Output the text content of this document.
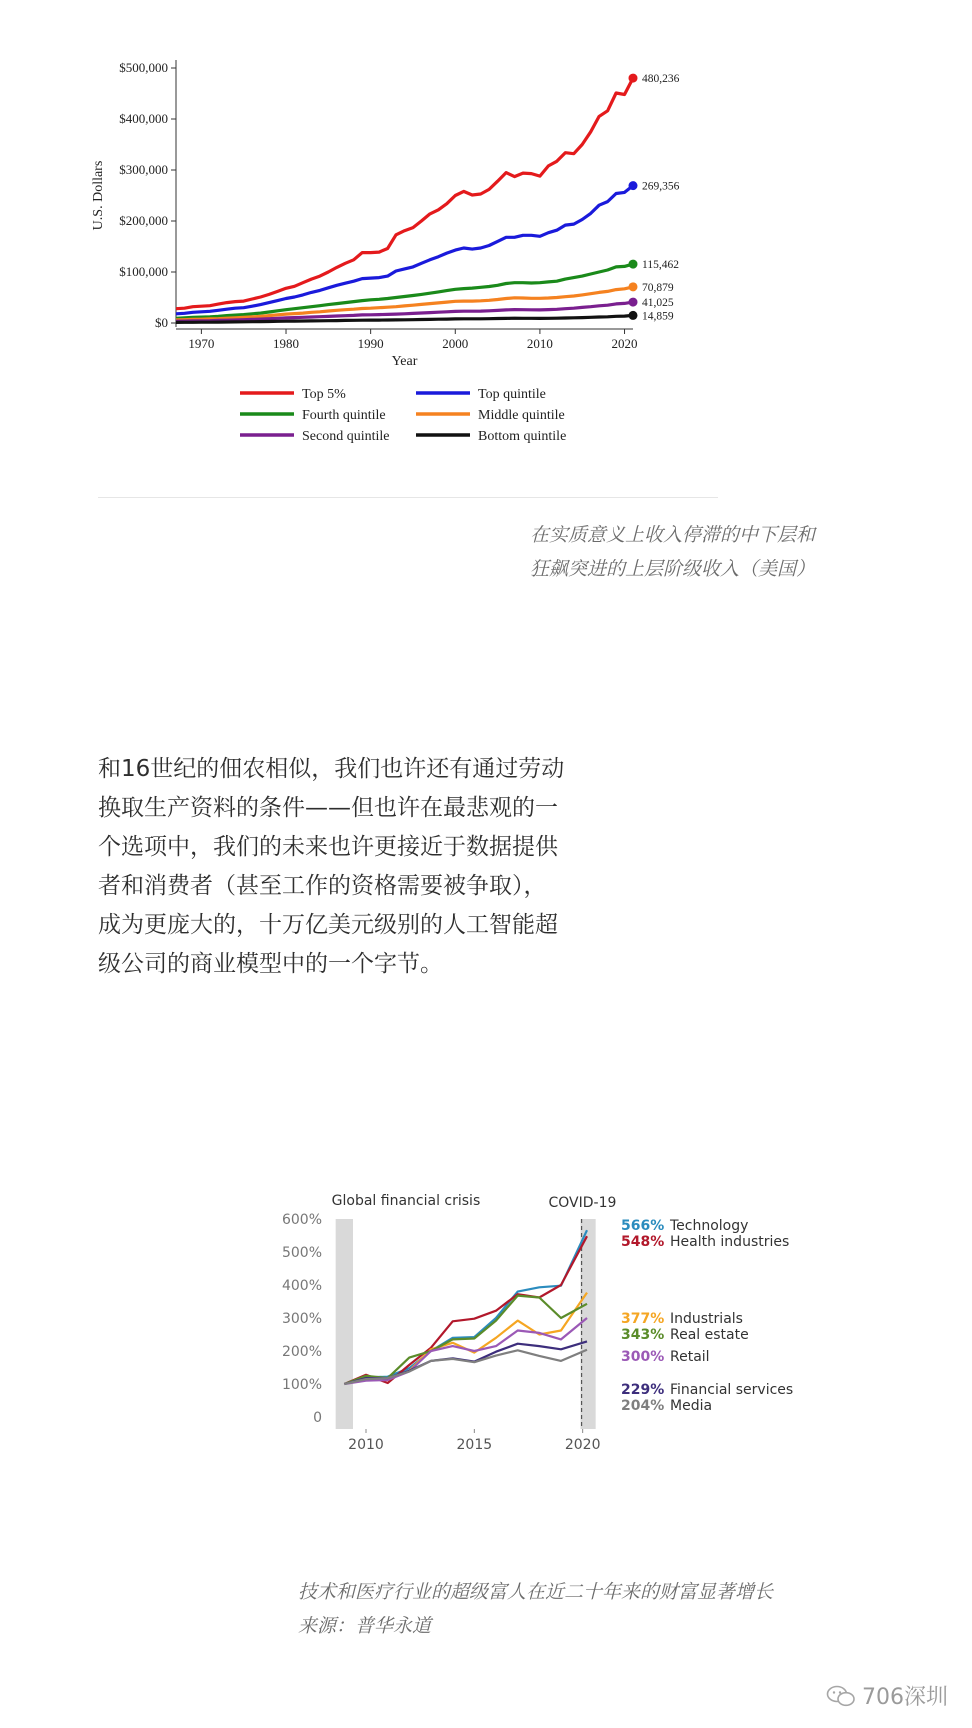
$0
$100,000
$200,000
$300,000
$400,000
$500,000
1970	1980	1990	2000	2010	2020
Year
U.S. Dollars
480,236
269,356
115,462
70,879
41,025
14,859
Top 5%	Top quintile
Fourth quintile	Middle quintile
Second quintile	Bottom quintile
在实质意义上收入停滞的中下层和
狂飙突进的上层阶级收入（美国）
和16世纪的佃农相似，我们也许还有通过劳动
换取生产资料的条件——但也许在最悲观的一
个选项中，我们的未来也许更接近于数据提供
者和消费者（甚至工作的资格需要被争取），
成为更庞大的，十万亿美元级别的人工智能超
级公司的商业模型中的一个字节。
Global financial crisis	COVID-19
0
100%
200%
300%
400%
500%
600%
2010	2015	2020
566% Technology
548% Health industries
377% Industrials
343% Real estate
300% Retail
229% Financial services
204% Media
技术和医疗行业的超级富人在近二十年来的财富显著增长
来源：普华永道
706深圳
